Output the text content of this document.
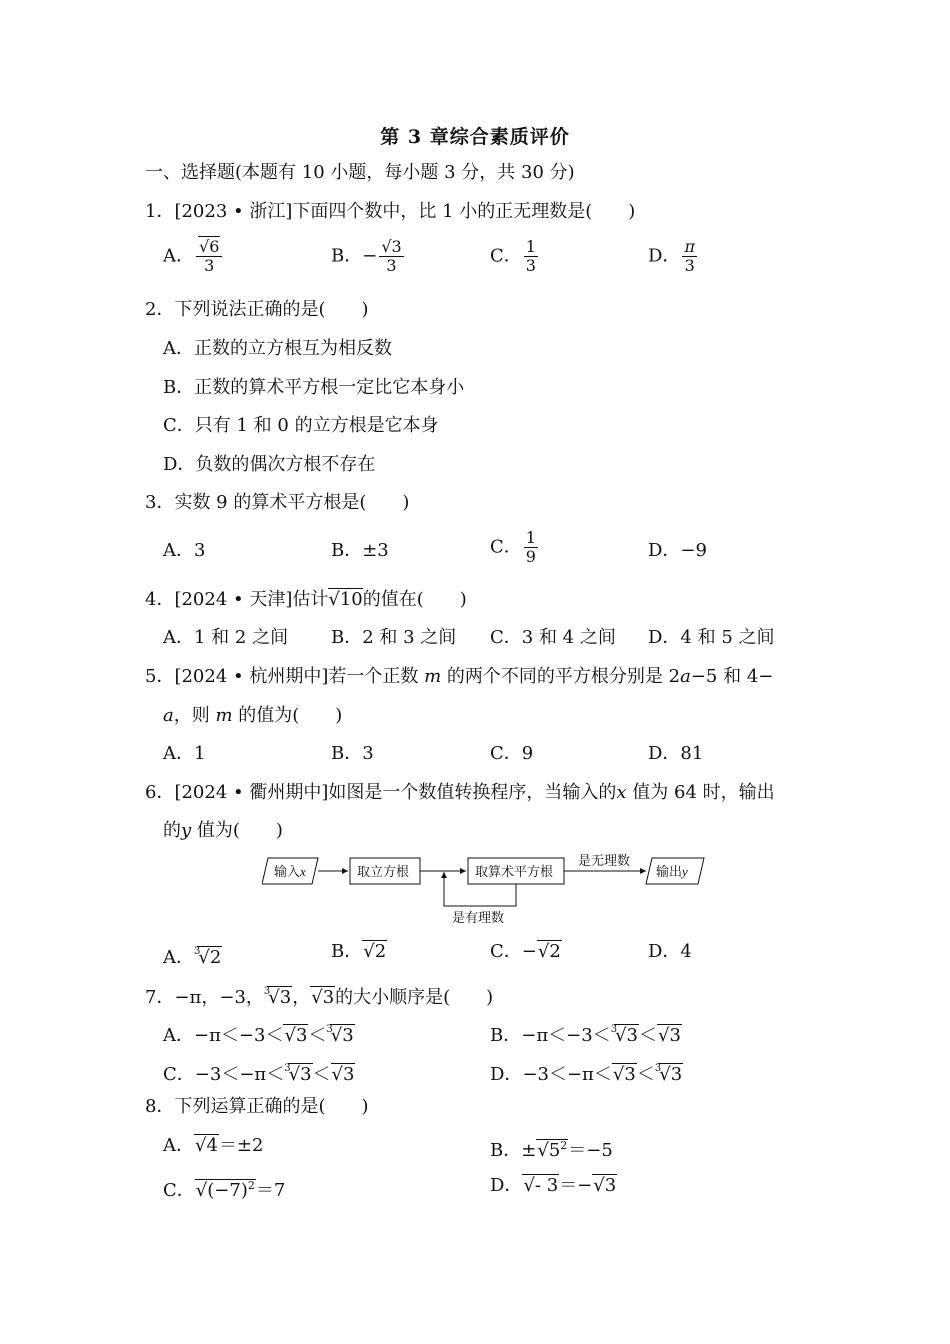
第 3 章综合素质评价
一、选择题(本题有 10 小题，每小题 3 分，共 30 分)
1．[2023 • 浙江]下面四个数中，比 1 小的正无理数是(　　)
A． $\frac{√6}{3}$	B．− $\frac{√3}{3}$	C． $\frac{1}{3}$	D． $\frac{\pi}{3}$
2．下列说法正确的是(　　)
A．正数的立方根互为相反数
B．正数的算术平方根一定比它本身小
C．只有 1 和 0 的立方根是它本身
D．负数的偶次方根不存在
3．实数 9 的算术平方根是(　　)
A．3	B．±3	C． $\frac{1}{9}$	D．−9
4．[2024 • 天津]估计√10的值在(　　)
A．1 和 2 之间 B．2 和 3 之间 C．3 和 4 之间 D．4 和 5 之间
5．[2024 • 杭州期中]若一个正数 m 的两个不同的平方根分别是 2a−5 和 4−
a，则 m 的值为(　　)
A．1	B．3	C．9	D．81
6．[2024 • 衢州期中]如图是一个数值转换程序，当输入的x 值为 64 时，输出
的y 值为(　　)
输入x	取立方根	取算术平方根
是无理数
输出y
是有理数
A．$^3$√2	B．√2	C．−√2	D．4
7．−π，−3，$^3$√3，√3的大小顺序是(　　)
A．−π＜−3＜√3＜$^3$√3	B．−π＜−3＜$^3$√3＜√3
C．−3＜−π＜$^3$√3＜√3	D．−3＜−π＜√3＜$^3$√3
8．下列运算正确的是(　　)
A．√4＝±2	B．$\pm√5^2=-5$
C．$√(-7)^2=7$	D．√- 3＝−√3
